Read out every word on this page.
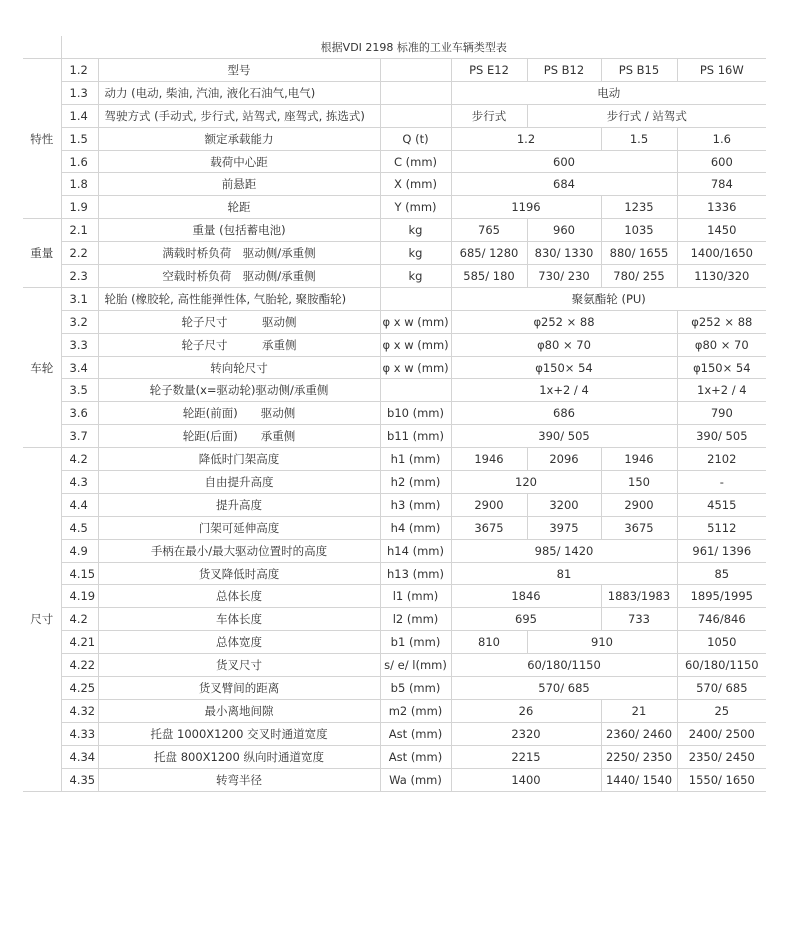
	根据VDI 2198 标准的工业车辆类型表						
特性	1.2	型号		PS E12	PS B12	PS B15	PS 16W
	1.3	动力 (电动, 柴油, 汽油, 液化石油气,电气)		电动			
	1.4	驾驶方式 (手动式, 步行式, 站驾式, 座驾式, 拣选式)		步行式	步行式 / 站驾式		
	1.5	额定承载能力	Q (t)	1.2		1.5	1.6
	1.6	载荷中心距	C (mm)	600			600
	1.8	前悬距	X (mm)	684			784
	1.9	轮距	Y (mm)	1196		1235	1336
重量	2.1	重量 (包括蓄电池)	kg	765	960	1035	1450
	2.2	满载时桥负荷　驱动侧/承重侧	kg	685/ 1280	830/ 1330	880/ 1655	1400/1650
	2.3	空载时桥负荷　驱动侧/承重侧	kg	585/ 180	730/ 230	780/ 255	1130/320
车轮	3.1	轮胎 (橡胶轮, 高性能弹性体, 气胎轮, 聚胺酯轮)		聚氨酯轮 (PU)			
	3.2	轮子尺寸　　　驱动侧	φ x w (mm)	φ252 × 88			φ252 × 88
	3.3	轮子尺寸　　　承重侧	φ x w (mm)	φ80 × 70			φ80 × 70
	3.4	转向轮尺寸	φ x w (mm)	φ150× 54			φ150× 54
	3.5	轮子数量(x=驱动轮)驱动侧/承重侧		1x+2 / 4			1x+2 / 4
	3.6	轮距(前面)　　驱动侧	b10 (mm)	686			790
	3.7	轮距(后面)　　承重侧	b11 (mm)	390/ 505			390/ 505
尺寸	4.2	降低时门架高度	h1 (mm)	1946	2096	1946	2102
	4.3	自由提升高度	h2 (mm)	120		150	-
	4.4	提升高度	h3 (mm)	2900	3200	2900	4515
	4.5	门架可延伸高度	h4 (mm)	3675	3975	3675	5112
	4.9	手柄在最小/最大驱动位置时的高度	h14 (mm)	985/ 1420			961/ 1396
	4.15	货叉降低时高度	h13 (mm)	81			85
	4.19	总体长度	l1 (mm)	1846		1883/1983	1895/1995
	4.2	车体长度	l2 (mm)	695		733	746/846
	4.21	总体宽度	b1 (mm)	810	910		1050
	4.22	货叉尺寸	s/ e/ l(mm)	60/180/1150			60/180/1150
	4.25	货叉臂间的距离	b5 (mm)	570/ 685			570/ 685
	4.32	最小离地间隙	m2 (mm)	26		21	25
	4.33	托盘 1000X1200 交叉时通道宽度	Ast (mm)	2320		2360/ 2460	2400/ 2500
	4.34	托盘 800X1200 纵向时通道宽度	Ast (mm)	2215		2250/ 2350	2350/ 2450
	4.35	转弯半径	Wa (mm)	1400		1440/ 1540	1550/ 1650
